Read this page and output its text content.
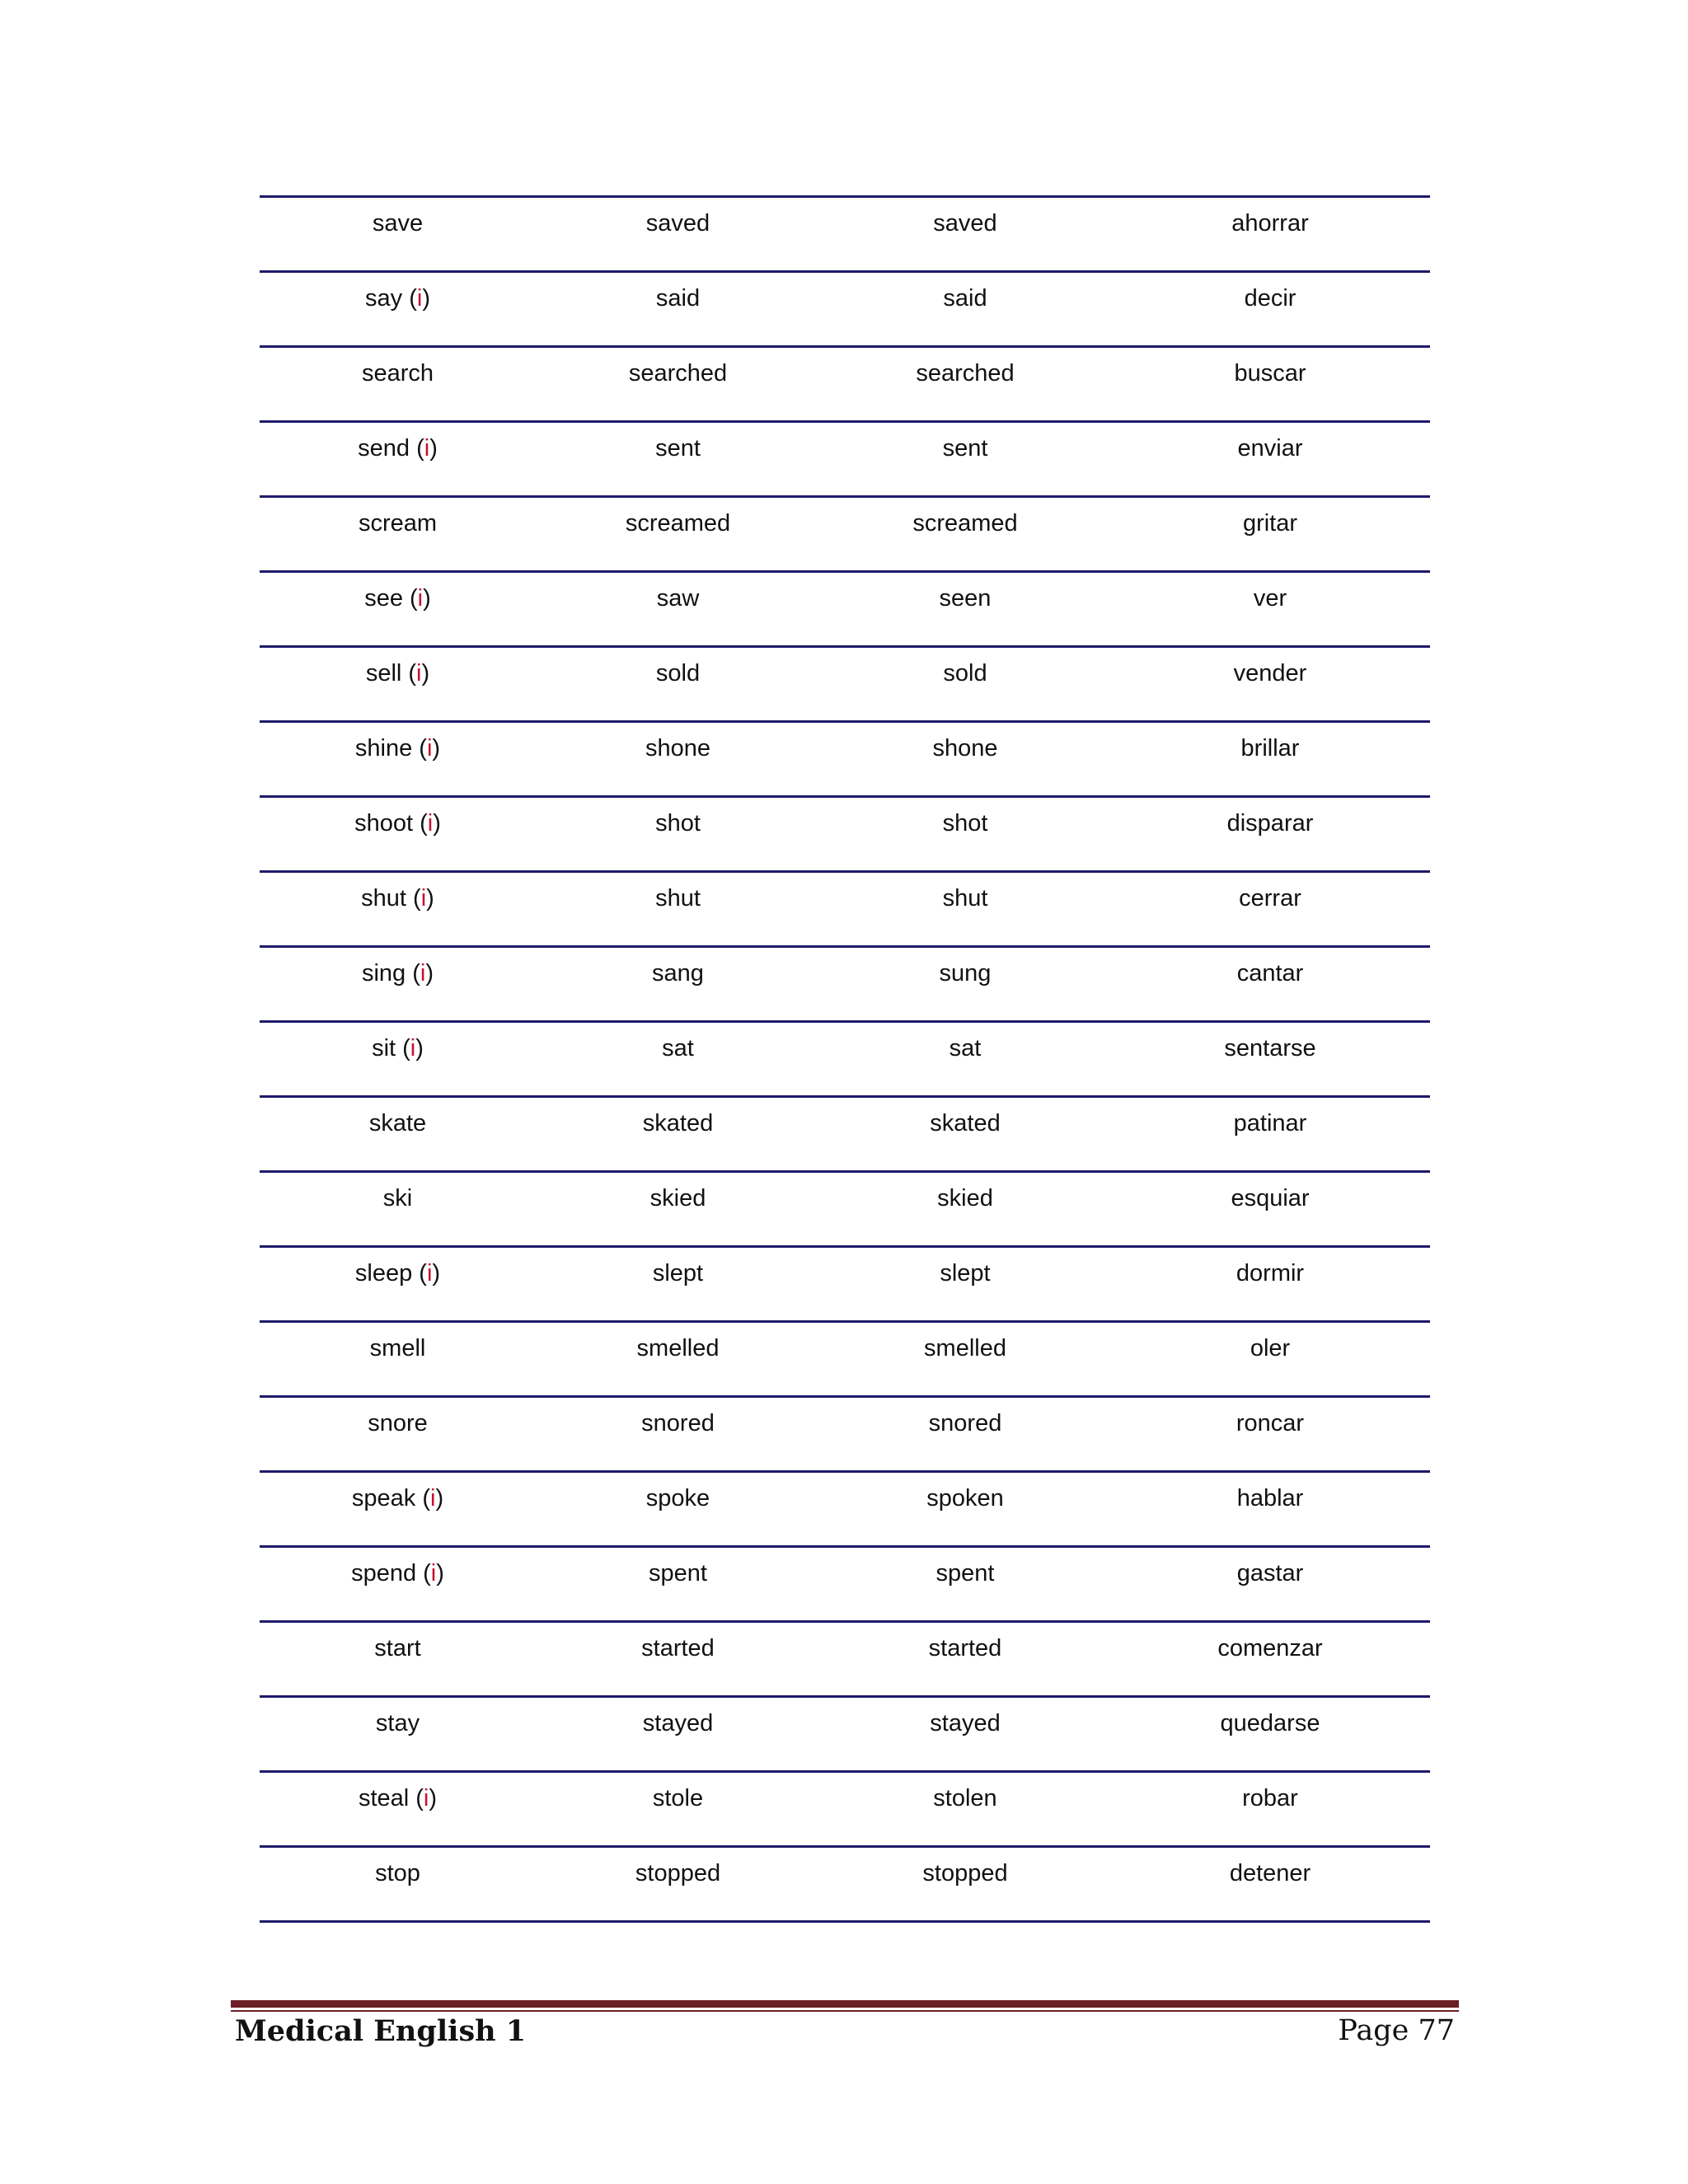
save	saved	saved	ahorrar
say (i)	said	said	decir
search	searched	searched	buscar
send (i)	sent	sent	enviar
scream	screamed	screamed	gritar
see (i)	saw	seen	ver
sell (i)	sold	sold	vender
shine (i)	shone	shone	brillar
shoot (i)	shot	shot	disparar
shut (i)	shut	shut	cerrar
sing (i)	sang	sung	cantar
sit (i)	sat	sat	sentarse
skate	skated	skated	patinar
ski	skied	skied	esquiar
sleep (i)	slept	slept	dormir
smell	smelled	smelled	oler
snore	snored	snored	roncar
speak (i)	spoke	spoken	hablar
spend (i)	spent	spent	gastar
start	started	started	comenzar
stay	stayed	stayed	quedarse
steal (i)	stole	stolen	robar
stop	stopped	stopped	detener
Medical English 1	Page 77
